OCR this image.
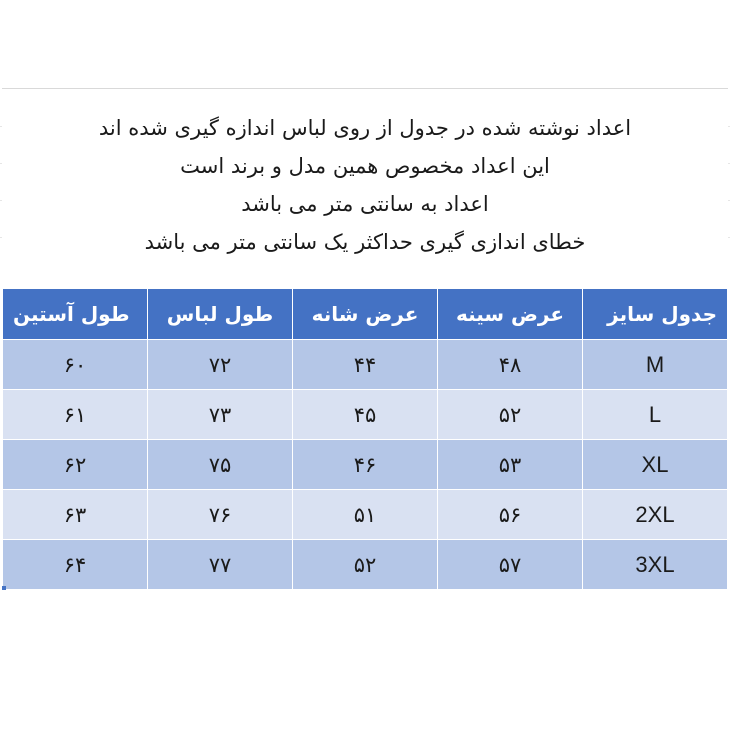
اعداد نوشته شده در جدول از روی لباس اندازه گیری شده اند
این اعداد مخصوص همین مدل و برند است
اعداد به سانتی متر می باشد
خطای اندازی گیری حداکثر یک سانتی متر می باشد
جدول سایز	عرض سینه	عرض شانه	طول لباس	طول آستین
M	۴۸	۴۴	۷۲	۶۰
L	۵۲	۴۵	۷۳	۶۱
XL	۵۳	۴۶	۷۵	۶۲
2XL	۵۶	۵۱	۷۶	۶۳
3XL	۵۷	۵۲	۷۷	۶۴
